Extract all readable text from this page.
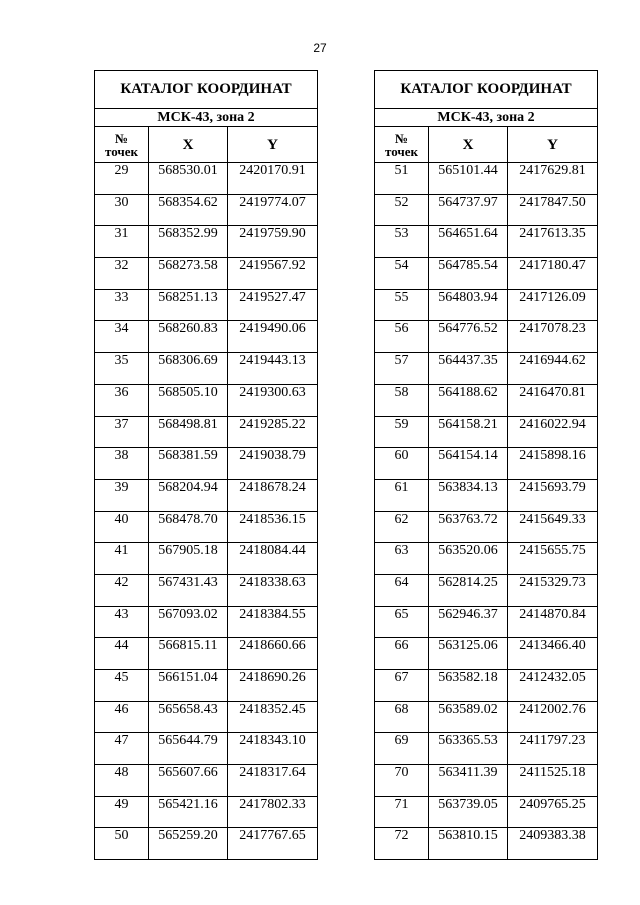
27
КАТАЛОГ КООРДИНАТ		
МСК-43, зона 2		
№
точек	X	Y
29	568530.01	2420170.91
30	568354.62	2419774.07
31	568352.99	2419759.90
32	568273.58	2419567.92
33	568251.13	2419527.47
34	568260.83	2419490.06
35	568306.69	2419443.13
36	568505.10	2419300.63
37	568498.81	2419285.22
38	568381.59	2419038.79
39	568204.94	2418678.24
40	568478.70	2418536.15
41	567905.18	2418084.44
42	567431.43	2418338.63
43	567093.02	2418384.55
44	566815.11	2418660.66
45	566151.04	2418690.26
46	565658.43	2418352.45
47	565644.79	2418343.10
48	565607.66	2418317.64
49	565421.16	2417802.33
50	565259.20	2417767.65
КАТАЛОГ КООРДИНАТ		
МСК-43, зона 2		
№
точек	X	Y
51	565101.44	2417629.81
52	564737.97	2417847.50
53	564651.64	2417613.35
54	564785.54	2417180.47
55	564803.94	2417126.09
56	564776.52	2417078.23
57	564437.35	2416944.62
58	564188.62	2416470.81
59	564158.21	2416022.94
60	564154.14	2415898.16
61	563834.13	2415693.79
62	563763.72	2415649.33
63	563520.06	2415655.75
64	562814.25	2415329.73
65	562946.37	2414870.84
66	563125.06	2413466.40
67	563582.18	2412432.05
68	563589.02	2412002.76
69	563365.53	2411797.23
70	563411.39	2411525.18
71	563739.05	2409765.25
72	563810.15	2409383.38
